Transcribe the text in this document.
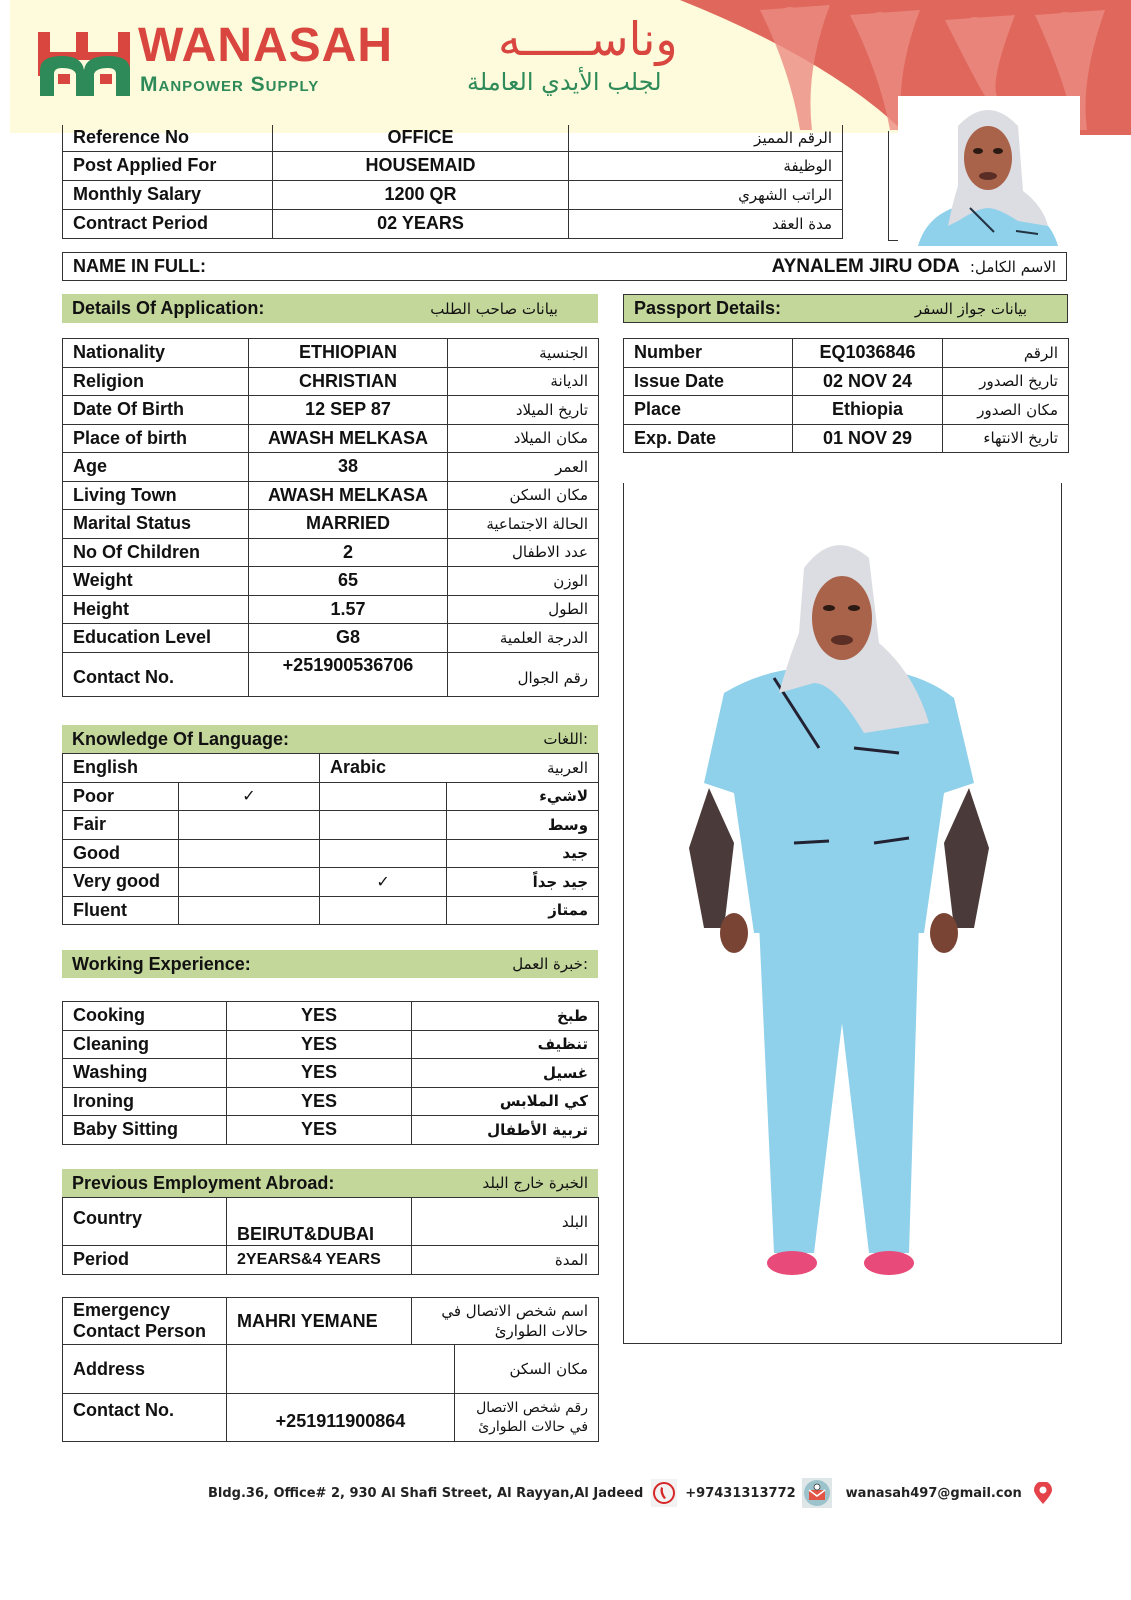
WANASAH وناســـــه
Manpower Supply	لجلب الأيدي العاملة
Reference No	OFFICE	الرقم المميز
Post Applied For	HOUSEMAID	الوظيفة
Monthly Salary	1200 QR	الراتب الشهري
Contract Period	02 YEARS	مدة العقد
NAME IN FULL:	AYNALEM JIRU ODA الاسم الكامل:
Details Of Application:	بيانات صاحب الطلب
Nationality	ETHIOPIAN	الجنسية
Religion	CHRISTIAN	الديانة
Date Of Birth	12 SEP 87	تاريخ الميلاد
Place of birth	AWASH MELKASA	مكان الميلاد
Age	38	العمر
Living Town	AWASH MELKASA	مكان السكن
Marital Status	MARRIED	الحالة الاجتماعية
No Of Children	2	عدد الاطفال
Weight	65	الوزن
Height	1.57	الطول
Education Level	G8	الدرجة العلمية
Contact No.	+251900536706	رقم الجوال
Passport Details:	بيانات جواز السفر
Number	EQ1036846	الرقم
Issue Date	02 NOV 24	تاريخ الصدور
Place	Ethiopia	مكان الصدور
Exp. Date	01 NOV 29	تاريخ الانتهاء
Knowledge Of Language:	:اللغات
English		Arabic	العربية
Poor	✓		لاشيء
Fair			وسط
Good			جيد
Very good		✓	جيد جداً
Fluent			ممتاز
Working Experience:	:خبرة العمل
Cooking	YES	طبخ
Cleaning	YES	تنظيف
Washing	YES	غسيل
Ironing	YES	كي الملابس
Baby Sitting	YES	تربية الأطفال
Previous Employment Abroad:	الخبرة خارج البلد
Country	BEIRUT&DUBAI	البلد
Period	2YEARS&4 YEARS	المدة
Emergency Contact Person	MAHRI YEMANE	اسم شخص الاتصال في حالات الطوارئ	
Address			مكان السكن
Contact No.	+251911900864		رقم شخص الاتصال في حالات الطوارئ
Bldg.36, Office# 2, 930 Al Shafi Street, Al Rayyan,Al Jadeed	+97431313772	wanasah497@gmail.con
